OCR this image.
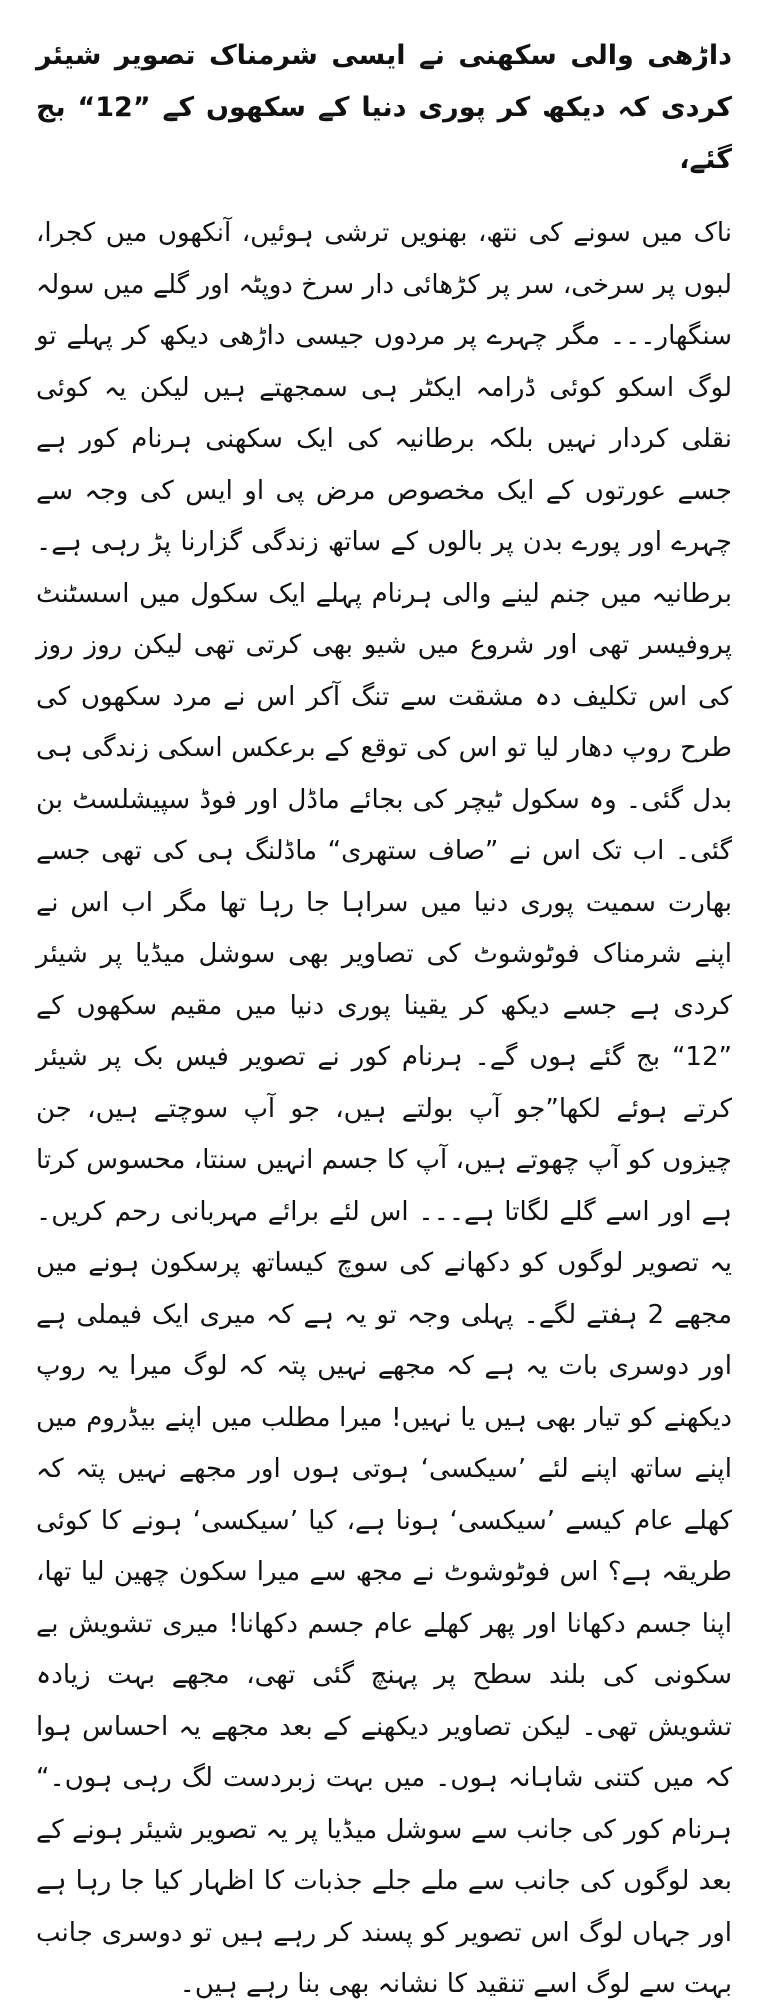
داڑھی والی سکھنی نے ایسی شرمناک تصویر شیئر کردی کہ دیکھ کر پوری دنیا کے سکھوں کے ”12“ بج گئے،

ناک میں سونے کی نتھ، بھنویں ترشی ہوئیں، آنکھوں میں کجرا، لبوں پر سرخی، سر پر کڑھائی دار سرخ دوپٹہ اور گلے میں سولہ سنگھار۔۔۔ مگر چہرے پر مردوں جیسی داڑھی دیکھ کر پہلے تو لوگ اسکو کوئی ڈرامہ ایکٹر ہی سمجھتے ہیں لیکن یہ کوئی نقلی کردار نہیں بلکہ برطانیہ کی ایک سکھنی ہرنام کور ہے جسے عورتوں کے ایک مخصوص مرض پی او ایس کی وجہ سے چہرے اور پورے بدن پر بالوں کے ساتھ زندگی گزارنا پڑ رہی ہے۔ برطانیہ میں جنم لینے والی ہرنام پہلے ایک سکول میں اسسٹنٹ پروفیسر تھی اور شروع میں شیو بھی کرتی تھی لیکن روز روز کی اس تکلیف دہ مشقت سے تنگ آکر اس نے مرد سکھوں کی طرح روپ دھار لیا تو اس کی توقع کے برعکس اسکی زندگی ہی بدل گئی۔ وہ سکول ٹیچر کی بجائے ماڈل اور فوڈ سپیشلسٹ بن گئی۔ اب تک اس نے ”صاف ستھری“ ماڈلنگ ہی کی تھی جسے بھارت سمیت پوری دنیا میں سراہا جا رہا تھا مگر اب اس نے اپنے شرمناک فوٹوشوٹ کی تصاویر بھی سوشل میڈیا پر شیئر کردی ہے جسے دیکھ کر یقینا پوری دنیا میں مقیم سکھوں کے ”12“ بج گئے ہوں گے۔ ہرنام کور نے تصویر فیس بک پر شیئر کرتے ہوئے لکھا”جو آپ بولتے ہیں، جو آپ سوچتے ہیں، جن چیزوں کو آپ چھوتے ہیں، آپ کا جسم انہیں سنتا، محسوس کرتا ہے اور اسے گلے لگاتا ہے۔۔۔ اس لئے برائے مہربانی رحم کریں۔ یہ تصویر لوگوں کو دکھانے کی سوچ کیساتھ پرسکون ہونے میں مجھے 2 ہفتے لگے۔ پہلی وجہ تو یہ ہے کہ میری ایک فیملی ہے اور دوسری بات یہ ہے کہ مجھے نہیں پتہ کہ لوگ میرا یہ روپ دیکھنے کو تیار بھی ہیں یا نہیں! میرا مطلب میں اپنے بیڈروم میں اپنے ساتھ اپنے لئے ’سیکسی‘ ہوتی ہوں اور مجھے نہیں پتہ کہ کھلے عام کیسے ’سیکسی‘ ہونا ہے، کیا ’سیکسی‘ ہونے کا کوئی طریقہ ہے؟ اس فوٹوشوٹ نے مجھ سے میرا سکون چھین لیا تھا، اپنا جسم دکھانا اور پھر کھلے عام جسم دکھانا! میری تشویش بے سکونی کی بلند سطح پر پہنچ گئی تھی، مجھے بہت زیادہ تشویش تھی۔ لیکن تصاویر دیکھنے کے بعد مجھے یہ احساس ہوا کہ میں کتنی شاہانہ ہوں۔ میں بہت زبردست لگ رہی ہوں۔“ ہرنام کور کی جانب سے سوشل میڈیا پر یہ تصویر شیئر ہونے کے بعد لوگوں کی جانب سے ملے جلے جذبات کا اظہار کیا جا رہا ہے اور جہاں لوگ اس تصویر کو پسند کر رہے ہیں تو دوسری جانب بہت سے لوگ اسے تنقید کا نشانہ بھی بنا رہے ہیں۔
